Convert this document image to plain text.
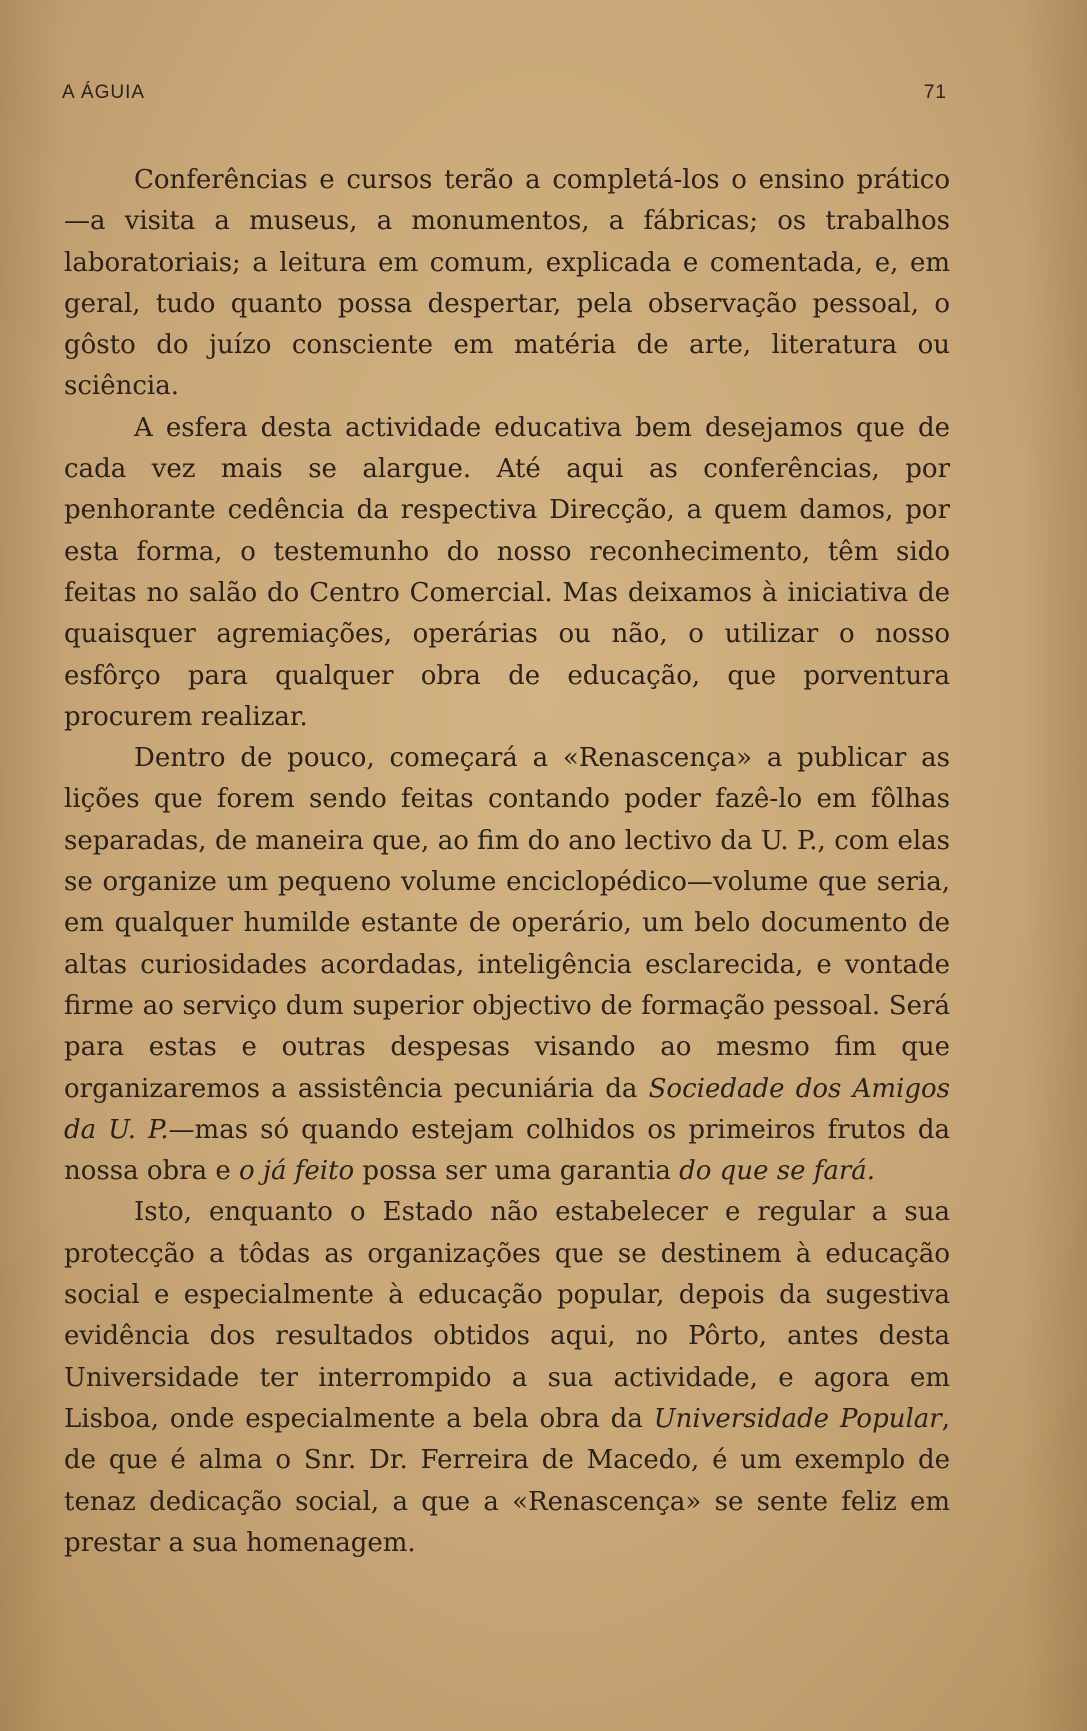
A ÁGUIA	71

Conferências e cursos terão a completá-los o ensino prático —a visita a museus, a monumentos, a fábricas; os trabalhos laboratoriais; a leitura em comum, explicada e comentada, e, em geral, tudo quanto possa despertar, pela observação pessoal, o gôsto do juízo consciente em matéria de arte, literatura ou sciência.

A esfera desta actividade educativa bem desejamos que de cada vez mais se alargue. Até aqui as conferências, por penhorante cedência da respectiva Direcção, a quem damos, por esta forma, o testemunho do nosso reconhecimento, têm sido feitas no salão do Centro Comercial. Mas deixamos à iniciativa de quaisquer agremiações, operárias ou não, o utilizar o nosso esfôrço para qualquer obra de educação, que porventura procurem realizar.

Dentro de pouco, começará a «Renascença» a publicar as lições que forem sendo feitas contando poder fazê-lo em fôlhas separadas, de maneira que, ao fim do ano lectivo da U. P., com elas se organize um pequeno volume enciclopédico—volume que seria, em qualquer humilde estante de operário, um belo documento de altas curiosidades acordadas, inteligência esclarecida, e vontade firme ao serviço dum superior objectivo de formação pessoal. Será para estas e outras despesas visando ao mesmo fim que organizaremos a assistência pecuniária da Sociedade dos Amigos da U. P.—mas só quando estejam colhidos os primeiros frutos da nossa obra e o já feito possa ser uma garantia do que se fará.

Isto, enquanto o Estado não estabelecer e regular a sua protecção a tôdas as organizações que se destinem à educação social e especialmente à educação popular, depois da sugestiva evidência dos resultados obtidos aqui, no Pôrto, antes desta Universidade ter interrompido a sua actividade, e agora em Lisboa, onde especialmente a bela obra da Universidade Popular, de que é alma o Snr. Dr. Ferreira de Macedo, é um exemplo de tenaz dedicação social, a que a «Renascença» se sente feliz em prestar a sua homenagem.
